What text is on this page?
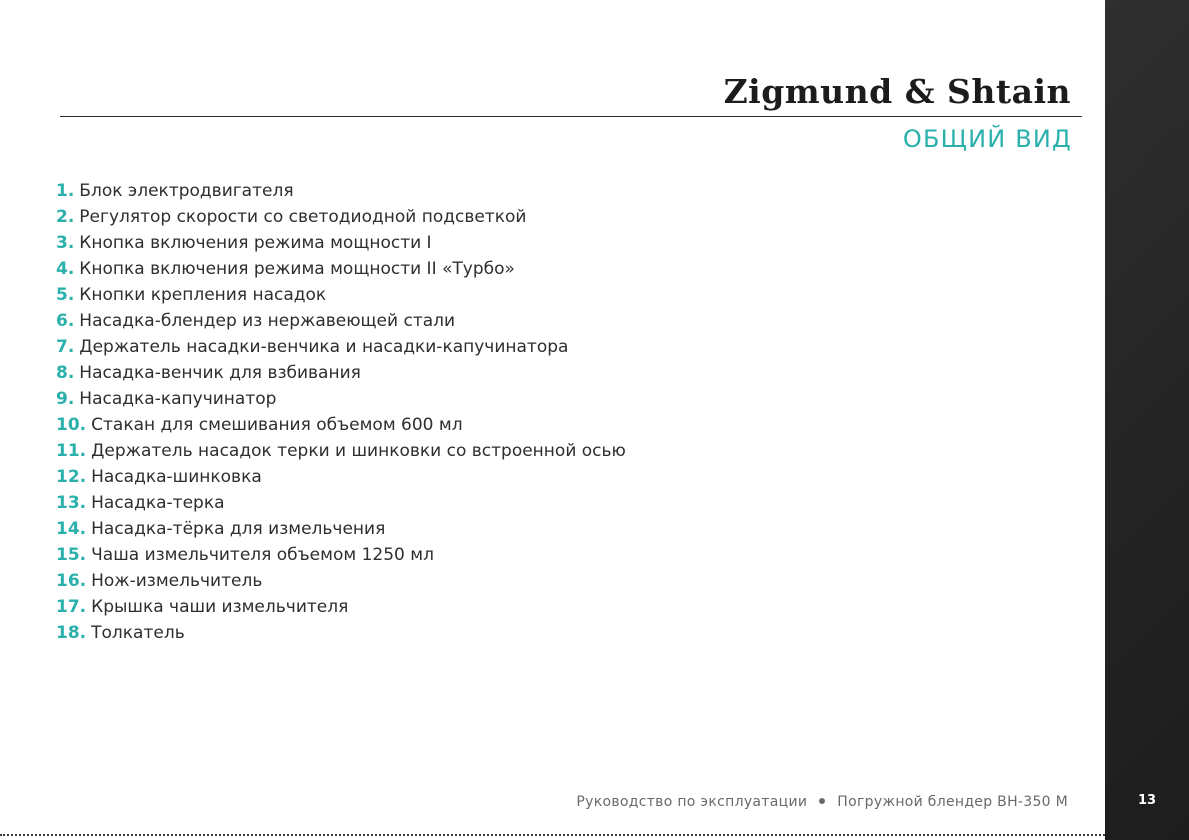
Zigmund & Shtain
ОБЩИЙ ВИД
1. Блок электродвигателя
2. Регулятор скорости со светодиодной подсветкой
3. Кнопка включения режима мощности I
4. Кнопка включения режима мощности II «Турбо»
5. Кнопки крепления насадок
6. Насадка-блендер из нержавеющей стали
7. Держатель насадки-венчика и насадки-капучинатора
8. Насадка-венчик для взбивания
9. Насадка-капучинатор
10. Стакан для смешивания объемом 600 мл
11. Держатель насадок терки и шинковки со встроенной осью
12. Насадка-шинковка
13. Насадка-терка
14. Насадка-тёрка для измельчения
15. Чаша измельчителя объемом 1250 мл
16. Нож-измельчитель
17. Крышка чаши измельчителя
18. Толкатель
Руководство по эксплуатации Погружной блендер BH-350 M	13
